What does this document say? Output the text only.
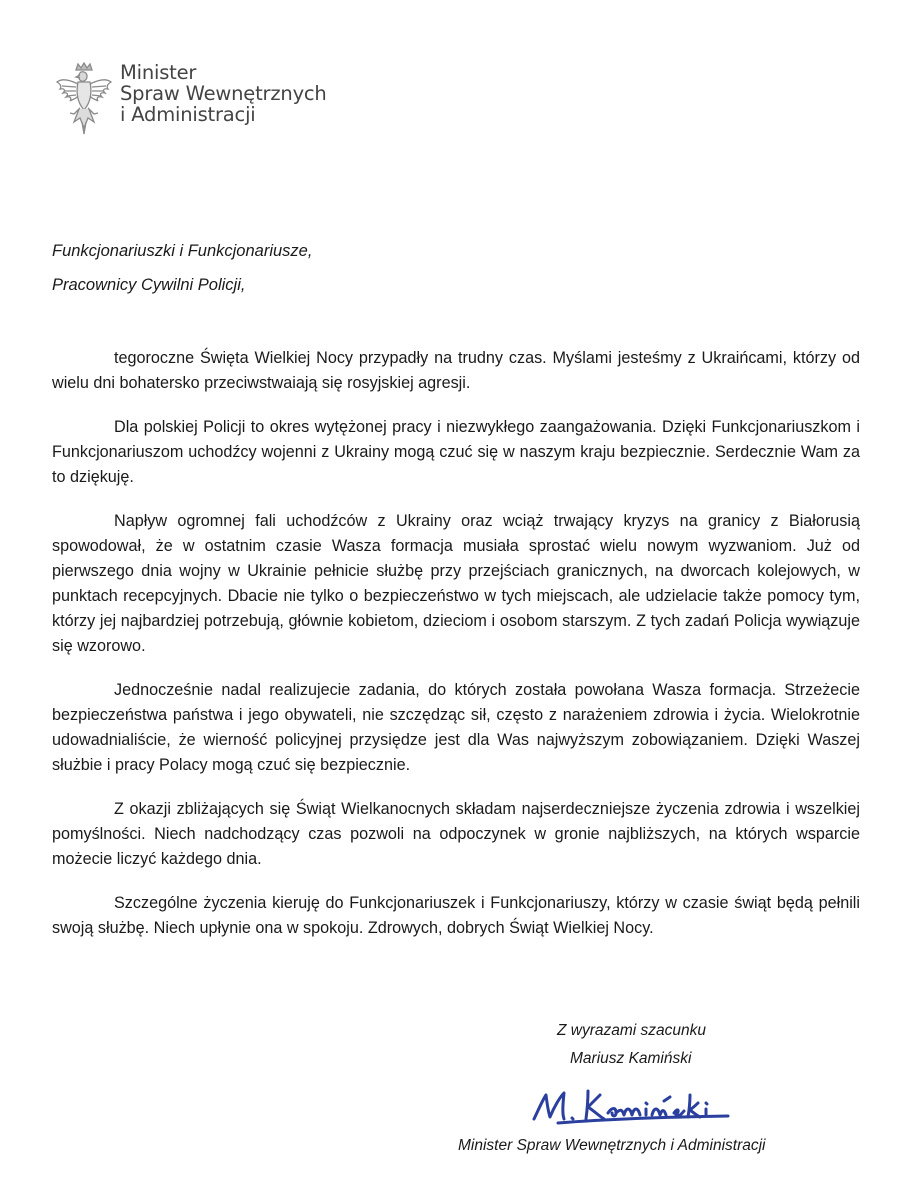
Minister
Spraw Wewnętrznych
i Administracji
Funkcjonariuszki i Funkcjonariusze,
Pracownicy Cywilni Policji,

tegoroczne Święta Wielkiej Nocy przypadły na trudny czas. Myślami jesteśmy z Ukraińcami, którzy od wielu dni bohatersko przeciwstwaiają się rosyjskiej agresji.

Dla polskiej Policji to okres wytężonej pracy i niezwykłego zaangażowania. Dzięki Funkcjonariuszkom i Funkcjonariuszom uchodźcy wojenni z Ukrainy mogą czuć się w naszym kraju bezpiecznie. Serdecznie Wam za to dziękuję.

Napływ ogromnej fali uchodźców z Ukrainy oraz wciąż trwający kryzys na granicy z Białorusią spowodował, że w ostatnim czasie Wasza formacja musiała sprostać wielu nowym wyzwaniom. Już od pierwszego dnia wojny w Ukrainie pełnicie służbę przy przejściach granicznych, na dworcach kolejowych, w punktach recepcyjnych. Dbacie nie tylko o bezpieczeństwo w tych miejscach, ale udzielacie także pomocy tym, którzy jej najbardziej potrzebują, głównie kobietom, dzieciom i osobom starszym. Z tych zadań Policja wywiązuje się wzorowo.

Jednocześnie nadal realizujecie zadania, do których została powołana Wasza formacja. Strzeżecie bezpieczeństwa państwa i jego obywateli, nie szczędząc sił, często z narażeniem zdrowia i życia. Wielokrotnie udowadnialiście, że wierność policyjnej przysiędze jest dla Was najwyższym zobowiązaniem. Dzięki Waszej służbie i pracy Polacy mogą czuć się bezpiecznie.

Z okazji zbliżających się Świąt Wielkanocnych składam najserdeczniejsze życzenia zdrowia i wszelkiej pomyślności. Niech nadchodzący czas pozwoli na odpoczynek w gronie najbliższych, na których wsparcie możecie liczyć każdego dnia.

Szczególne życzenia kieruję do Funkcjonariuszek i Funkcjonariuszy, którzy w czasie świąt będą pełnili swoją służbę. Niech upłynie ona w spokoju. Zdrowych, dobrych Świąt Wielkiej Nocy.

Z wyrazami szacunku
Mariusz Kamiński
M. Kamiński
Minister Spraw Wewnętrznych i Administracji
